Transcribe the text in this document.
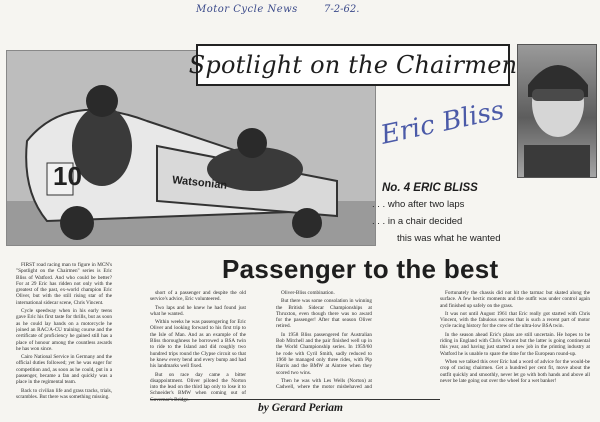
Motor Cycle News	7-2-62.
10	Watsonian
Spotlight on the Chairmen
Eric Bliss
No. 4 ERIC BLISS
. . . who after two laps
. . . in a chair decided
this was what he wanted
Passenger to the best

FIRST road racing man to figure in MCN's "Spotlight on the Chairmen" series is Eric Bliss of Watford. And who could be better? For at 29 Eric has ridden not only with the greatest of the past, ex-world champion Eric Oliver, but with the still rising star of the international sidecar scene, Chris Vincent.

Cycle speedway when in his early teens gave Eric his first taste for thrills, but as soon as he could lay hands on a motorcycle he joined an RAC/A-CU training course and the certificate of proficiency he gained still has a place of honour among the countless awards he has won since.

Cairo National Service in Germany and the official duties followed; yet he was eager for competition and, as soon as he could, put in a passenger, became a fan and quickly was a place in the regimental team.

Back to civilian life and grass tracks, trials, scrambles. But there was something missing.

short of a passenger and despite the old service's advice, Eric volunteered.

Two laps and he knew he had found just what he wanted.

Within weeks he was passengering for Eric Oliver and looking forward to his first trip to the Isle of Man. And as an example of the Bliss thoroughness he borrowed a BSA twin to ride to the Island and did roughly two hundred trips round the Clypse circuit so that he knew every bend and every bump and had his landmarks well fixed.

But on race day came a bitter disappointment. Oliver piloted the Norton into the lead on the third lap only to lose it to Schneider's BMW when coming out of Governor's Bridge.

Oliver-Bliss combination.

But there was some consolation in winning the British Sidecar Championships at Thruxton, even though there was no award for the passenger! After that season Oliver retired.

In 1958 Bliss passengered for Australian Bob Mitchell and the pair finished well up in the World Championship series. In 1959/60 he rode with Cyril Smith, sadly reduced to 1960 he managed only three rides, with Pip Harris and the BMW at Aintree when they scored two wins.

Then he was with Les Wells (Norton) at Cadwell, where the motor misbehaved and

Fortunately the chassis did not hit the tarmac but skated along the surface. A few hectic moments and the outfit was under control again and finished up safely on the grass.

It was not until August 1961 that Eric really got started with Chris Vincent, with the fabulous success that is such a recent part of motor cycle racing history for the crew of the ultra-low BSA twin.

In the season ahead Eric's plans are still uncertain. He hopes to be riding in England with Chris Vincent but the latter is going continental this year, and having just started a new job in the printing industry at Watford he is unable to spare the time for the European round-up.

When we talked this over Eric had a word of advice for the would-be crop of racing chairmen. Get a hundred per cent fit, move about the outfit quickly and smoothly, never let go with both hands and above all never be late going out over the wheel for a wet banker!

by Gerard Periam
